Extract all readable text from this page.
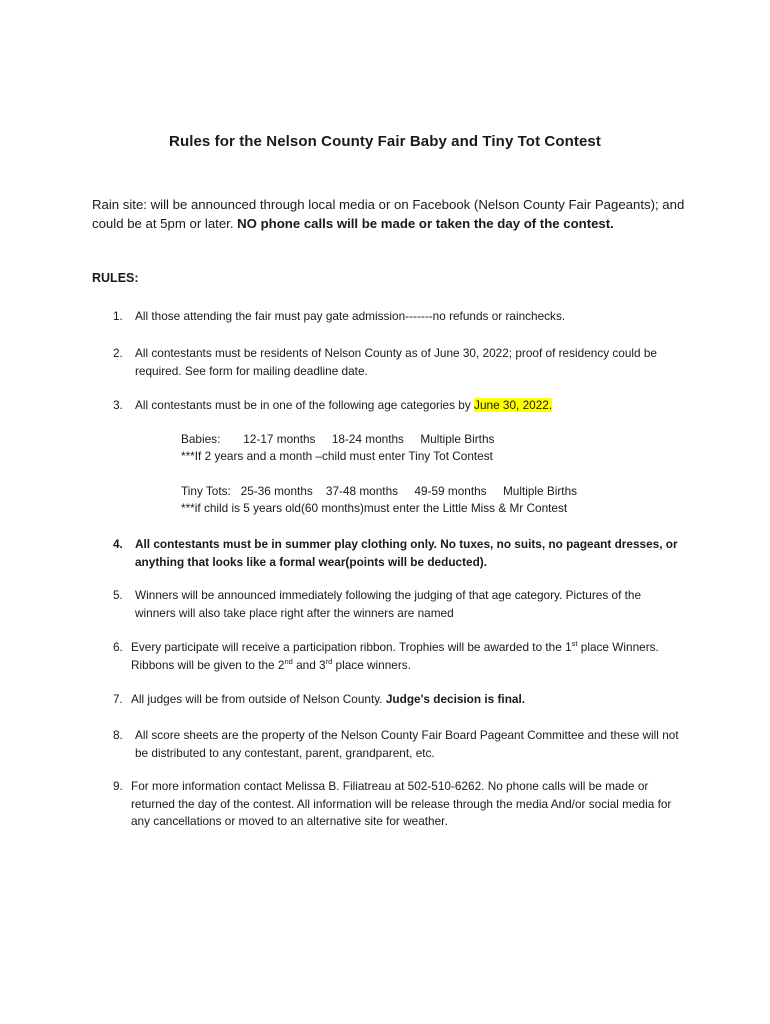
Rules for the Nelson County Fair Baby and Tiny Tot Contest
Rain site: will be announced through local media or on Facebook (Nelson County Fair Pageants); and could be at 5pm or later. NO phone calls will be made or taken the day of the contest.
RULES:
1. All those attending the fair must pay gate admission-------no refunds or rainchecks.
2. All contestants must be residents of Nelson County as of June 30, 2022; proof of residency could be required. See form for mailing deadline date.
3. All contestants must be in one of the following age categories by June 30, 2022.
Babies:       12-17 months     18-24 months     Multiple Births
***If 2 years and a month –child must enter Tiny Tot Contest
Tiny Tots:   25-36 months    37-48 months     49-59 months     Multiple Births
***if child is 5 years old(60 months)must enter the Little Miss & Mr Contest
4. All contestants must be in summer play clothing only. No tuxes, no suits, no pageant dresses, or anything that looks like a formal wear(points will be deducted).
5. Winners will be announced immediately following the judging of that age category. Pictures of the winners will also take place right after the winners are named
6. Every participate will receive a participation ribbon. Trophies will be awarded to the 1st place Winners. Ribbons will be given to the 2nd and 3rd place winners.
7. All judges will be from outside of Nelson County. Judge's decision is final.
8. All score sheets are the property of the Nelson County Fair Board Pageant Committee and these will not be distributed to any contestant, parent, grandparent, etc.
9. For more information contact Melissa B. Filiatreau at 502-510-6262. No phone calls will be made or returned the day of the contest. All information will be release through the media And/or social media for any cancellations or moved to an alternative site for weather.
